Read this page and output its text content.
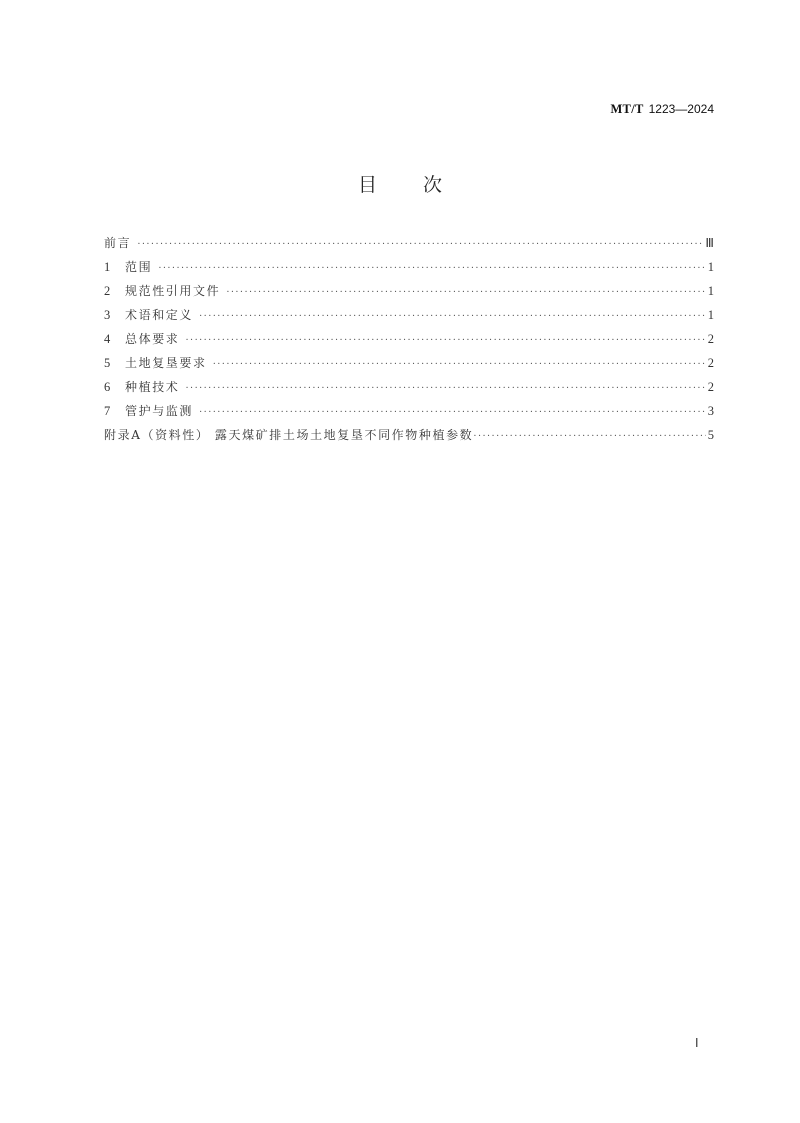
MT/T 1223—2024
目 次
前言 ·····	Ⅲ
1	范围 ·····	1
2	规范性引用文件 ·····	1
3	术语和定义 ·····	1
4	总体要求 ·····	2
5	土地复垦要求 ·····	2
6	种植技术 ·····	2
7	管护与监测 ·····	3
附录A（资料性） 露天煤矿排土场土地复垦不同作物种植参数 ·····	5
Ⅰ
